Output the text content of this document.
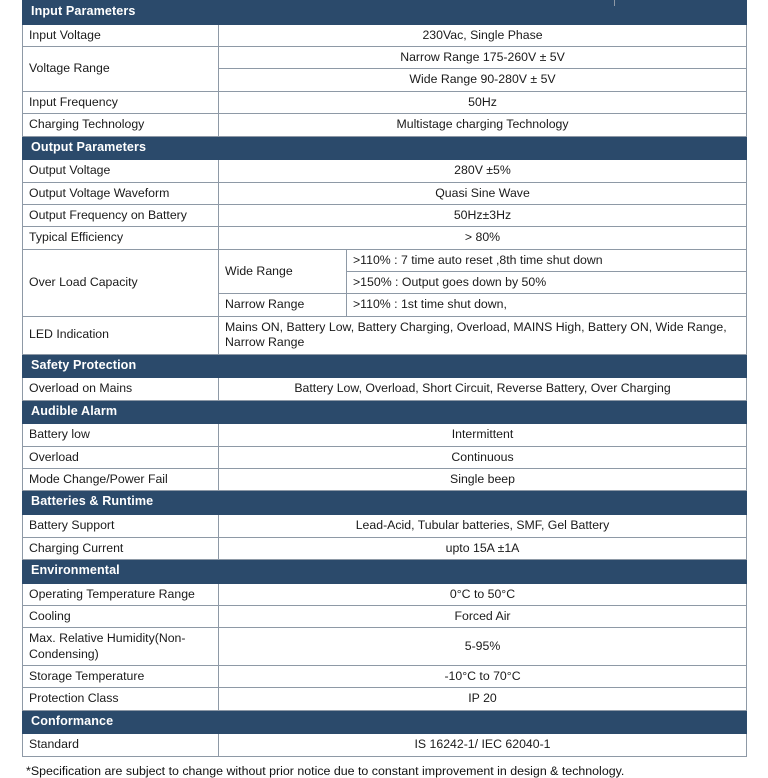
Input Parameters		
Input Voltage	230Vac, Single Phase	
Voltage Range	Narrow Range 175-260V ± 5V	
	Wide Range 90-280V ± 5V	
Input Frequency	50Hz	
Charging Technology	Multistage charging Technology	
Output Parameters		
Output Voltage	280V ±5%	
Output Voltage Waveform	Quasi Sine Wave	
Output Frequency on Battery	50Hz±3Hz	
Typical Efficiency	> 80%	
Over Load Capacity	Wide Range	>110% : 7 time auto reset ,8th time shut down
		>150% : Output goes down by 50%
	Narrow Range	>110% : 1st time shut down,
LED Indication	Mains ON, Battery Low, Battery Charging, Overload, MAINS High, Battery ON, Wide Range, Narrow Range	
Safety Protection		
Overload on Mains	Battery Low, Overload, Short Circuit, Reverse Battery, Over Charging	
Audible Alarm		
Battery low	Intermittent	
Overload	Continuous	
Mode Change/Power Fail	Single beep	
Batteries & Runtime		
Battery Support	Lead-Acid, Tubular batteries, SMF, Gel Battery	
Charging Current	upto 15A ±1A	
Environmental		
Operating Temperature Range	0°C to 50°C	
Cooling	Forced Air	
Max. Relative Humidity(Non-Condensing)	5-95%	
Storage Temperature	-10°C to 70°C	
Protection Class	IP 20	
Conformance		
Standard	IS 16242-1/ IEC 62040-1	
*Specification are subject to change without prior notice due to constant improvement in design & technology.
